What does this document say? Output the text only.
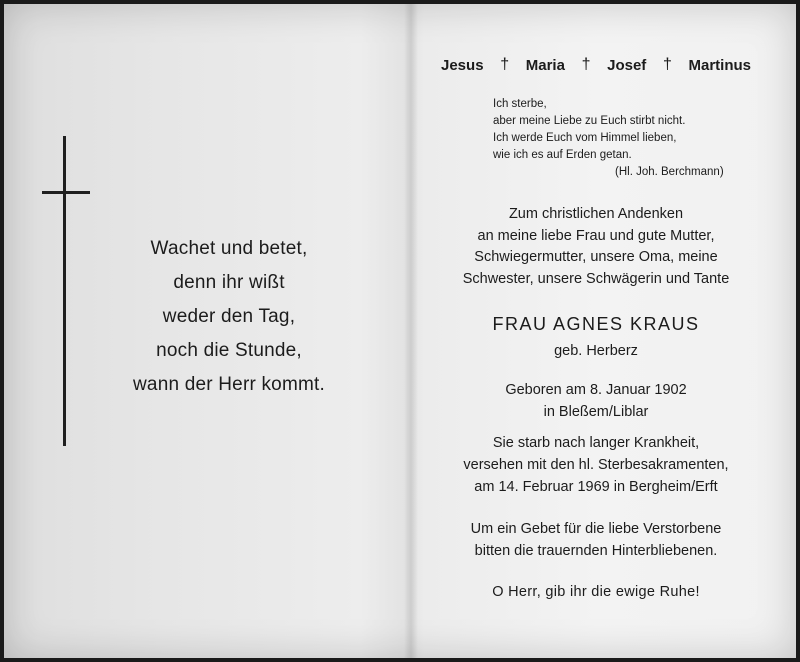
Wachet und betet,
denn ihr wißt
weder den Tag,
noch die Stunde,
wann der Herr kommt.
Jesus † Maria † Josef † Martinus
Ich sterbe,
aber meine Liebe zu Euch stirbt nicht.
Ich werde Euch vom Himmel lieben,
wie ich es auf Erden getan.
(Hl. Joh. Berchmann)
Zum christlichen Andenken
an meine liebe Frau und gute Mutter,
Schwiegermutter, unsere Oma, meine
Schwester, unsere Schwägerin und Tante
FRAU AGNES KRAUS
geb. Herberz
Geboren am 8. Januar 1902
in Bleßem/Liblar
Sie starb nach langer Krankheit,
versehen mit den hl. Sterbesakramenten,
am 14. Februar 1969 in Bergheim/Erft
Um ein Gebet für die liebe Verstorbene
bitten die trauernden Hinterbliebenen.
O Herr, gib ihr die ewige Ruhe!
